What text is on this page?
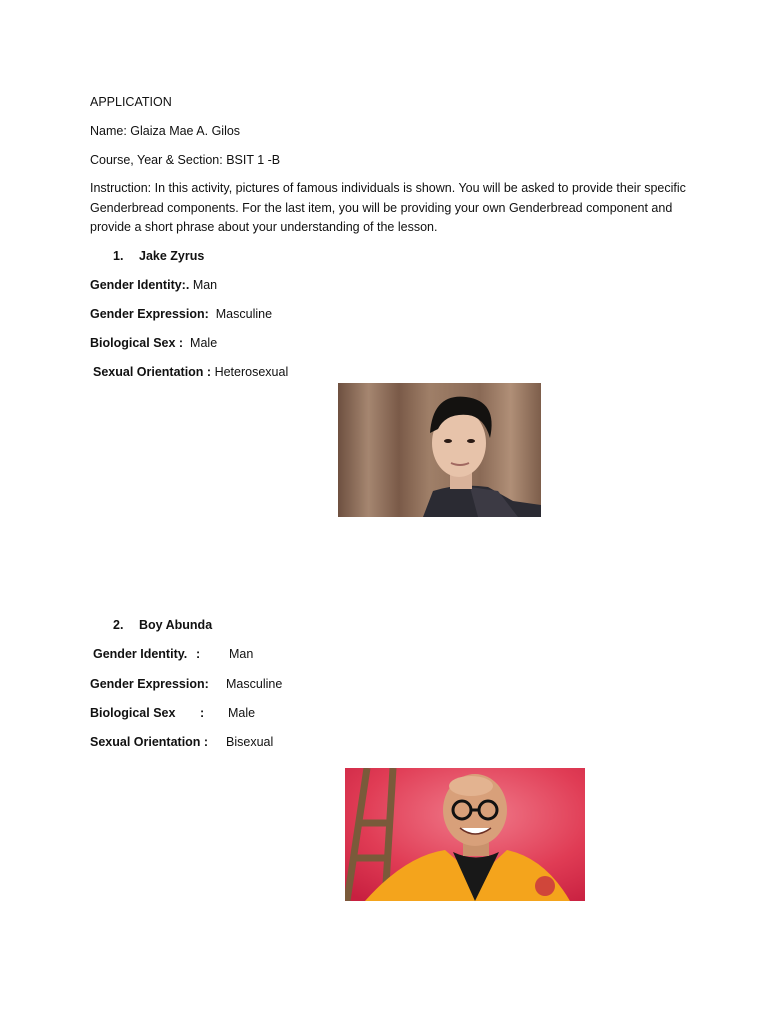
APPLICATION
Name: Glaiza Mae A. Gilos
Course, Year & Section: BSIT 1 -B
Instruction: In this activity, pictures of famous individuals is shown. You will be asked to provide their specific Genderbread components. For the last item, you will be providing your own Genderbread component and provide a short phrase about your understanding of the lesson.
1. Jake Zyrus
Gender Identity:. Man
Gender Expression: Masculine
Biological Sex : Male
Sexual Orientation : Heterosexual
2. Boy Abunda
Gender Identity. : Man
Gender Expression: Masculine
Biological Sex : Male
Sexual Orientation : Bisexual
